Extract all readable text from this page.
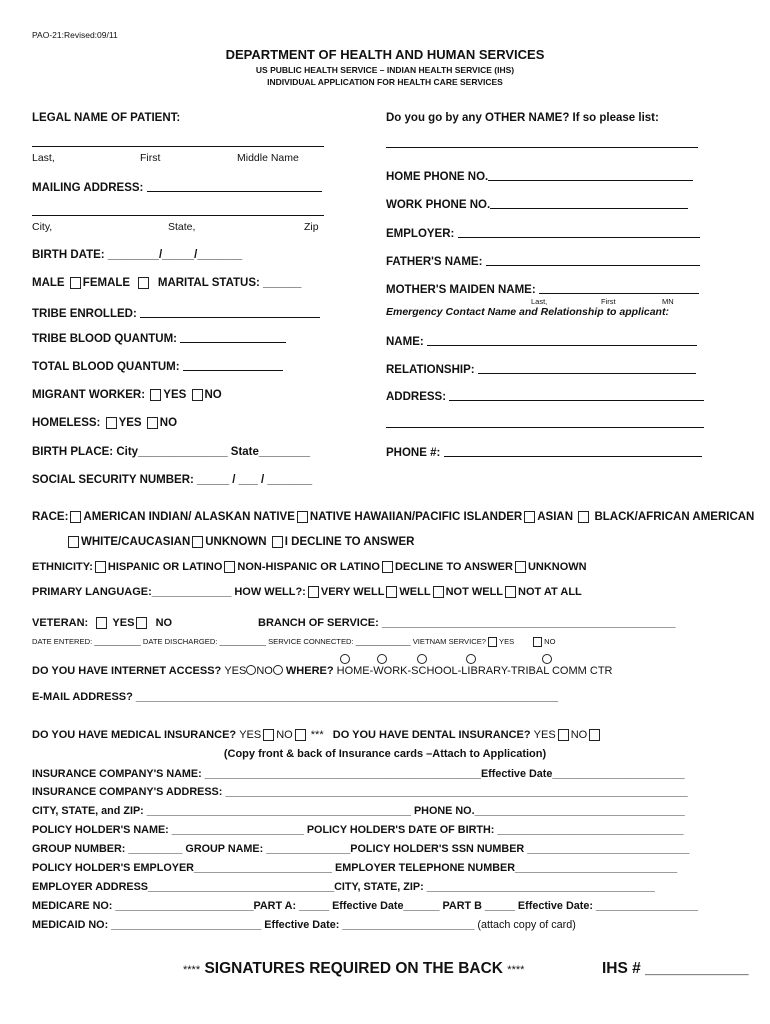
PAO-21:Revised:09/11
DEPARTMENT OF HEALTH AND HUMAN SERVICES
US PUBLIC HEALTH SERVICE – INDIAN HEALTH SERVICE (IHS)
INDIVIDUAL APPLICATION FOR HEALTH CARE SERVICES
LEGAL NAME OF PATIENT:
Last,	First	Middle Name
MAILING ADDRESS:
City,	State,	Zip
BIRTH DATE: ________/_____/_______
MALE FEMALE MARITAL STATUS: ______
TRIBE ENROLLED:
TRIBE BLOOD QUANTUM:
TOTAL BLOOD QUANTUM:
MIGRANT WORKER: YES NO
HOMELESS: YES NO
BIRTH PLACE: City______________ State________
SOCIAL SECURITY NUMBER: _____ / ___ / _______
Do you go by any OTHER NAME? If so please list:
HOME PHONE NO.
WORK PHONE NO.
EMPLOYER:
FATHER'S NAME:
MOTHER'S MAIDEN NAME:
Last,	First	MN
Emergency Contact Name and Relationship to applicant:
NAME:
RELATIONSHIP:
ADDRESS:
PHONE #:
RACE: AMERICAN INDIAN/ ALASKAN NATIVE NATIVE HAWAIIAN/PACIFIC ISLANDER ASIAN BLACK/AFRICAN AMERICAN
WHITE/CAUCASIAN UNKNOWN I DECLINE TO ANSWER
ETHNICITY: HISPANIC OR LATINO NON-HISPANIC OR LATINO DECLINE TO ANSWER UNKNOWN
PRIMARY LANGUAGE:_____________ HOW WELL?: VERY WELL WELL NOT WELL NOT AT ALL
VETERAN: YES NO	BRANCH OF SERVICE: ________________________________________________
DATE ENTERED: ___________ DATE DISCHARGED: ___________ SERVICE CONNECTED: _____________ VIETNAM SERVICE? YES	NO
DO YOU HAVE INTERNET ACCESS? YES NO WHERE? HOME-WORK-SCHOOL-LIBRARY-TRIBAL COMM CTR
E-MAIL ADDRESS? _____________________________________________________________________
DO YOU HAVE MEDICAL INSURANCE? YES NO *** DO YOU HAVE DENTAL INSURANCE? YES NO
(Copy front & back of Insurance cards –Attach to Application)
INSURANCE COMPANY'S NAME: ______________________________________________Effective Date______________________
INSURANCE COMPANY'S ADDRESS: _____________________________________________________________________________
CITY, STATE, and ZIP: ____________________________________________ PHONE NO.___________________________________
POLICY HOLDER'S NAME: ______________________ POLICY HOLDER'S DATE OF BIRTH: _______________________________
GROUP NUMBER: _________ GROUP NAME: ______________POLICY HOLDER'S SSN NUMBER ___________________________
POLICY HOLDER'S EMPLOYER_______________________ EMPLOYER TELEPHONE NUMBER___________________________
EMPLOYER ADDRESS_______________________________CITY, STATE, ZIP: ______________________________________
MEDICARE NO: _______________________PART A: _____ Effective Date______ PART B _____ Effective Date: _________________
MEDICAID NO: _________________________ Effective Date: ______________________ (attach copy of card)
**** SIGNATURES REQUIRED ON THE BACK ****	IHS # ____________
